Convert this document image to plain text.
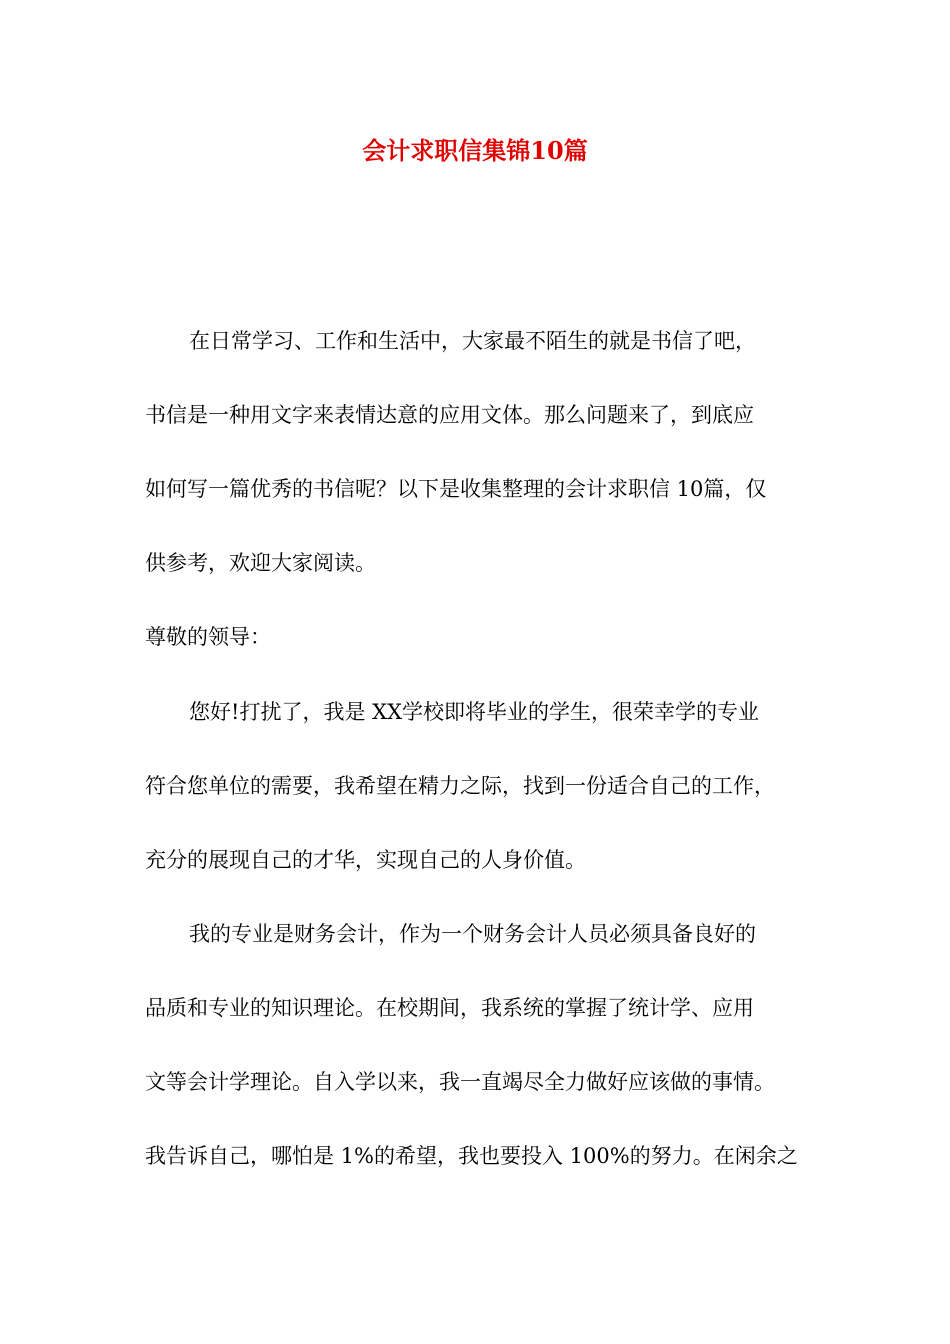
会计求职信集锦10篇

在日常学习、工作和生活中，大家最不陌生的就是书信了吧，

书信是一种用文字来表情达意的应用文体。那么问题来了，到底应

如何写一篇优秀的书信呢？以下是收集整理的会计求职信 10篇，仅

供参考，欢迎大家阅读。

尊敬的领导：

您好!打扰了，我是 XX学校即将毕业的学生，很荣幸学的专业

符合您单位的需要，我希望在精力之际，找到一份适合自己的工作，

充分的展现自己的才华，实现自己的人身价值。

我的专业是财务会计，作为一个财务会计人员必须具备良好的

品质和专业的知识理论。在校期间，我系统的掌握了统计学、应用

文等会计学理论。自入学以来，我一直竭尽全力做好应该做的事情。

我告诉自己，哪怕是 1%的希望，我也要投入 100%的努力。在闲余之
